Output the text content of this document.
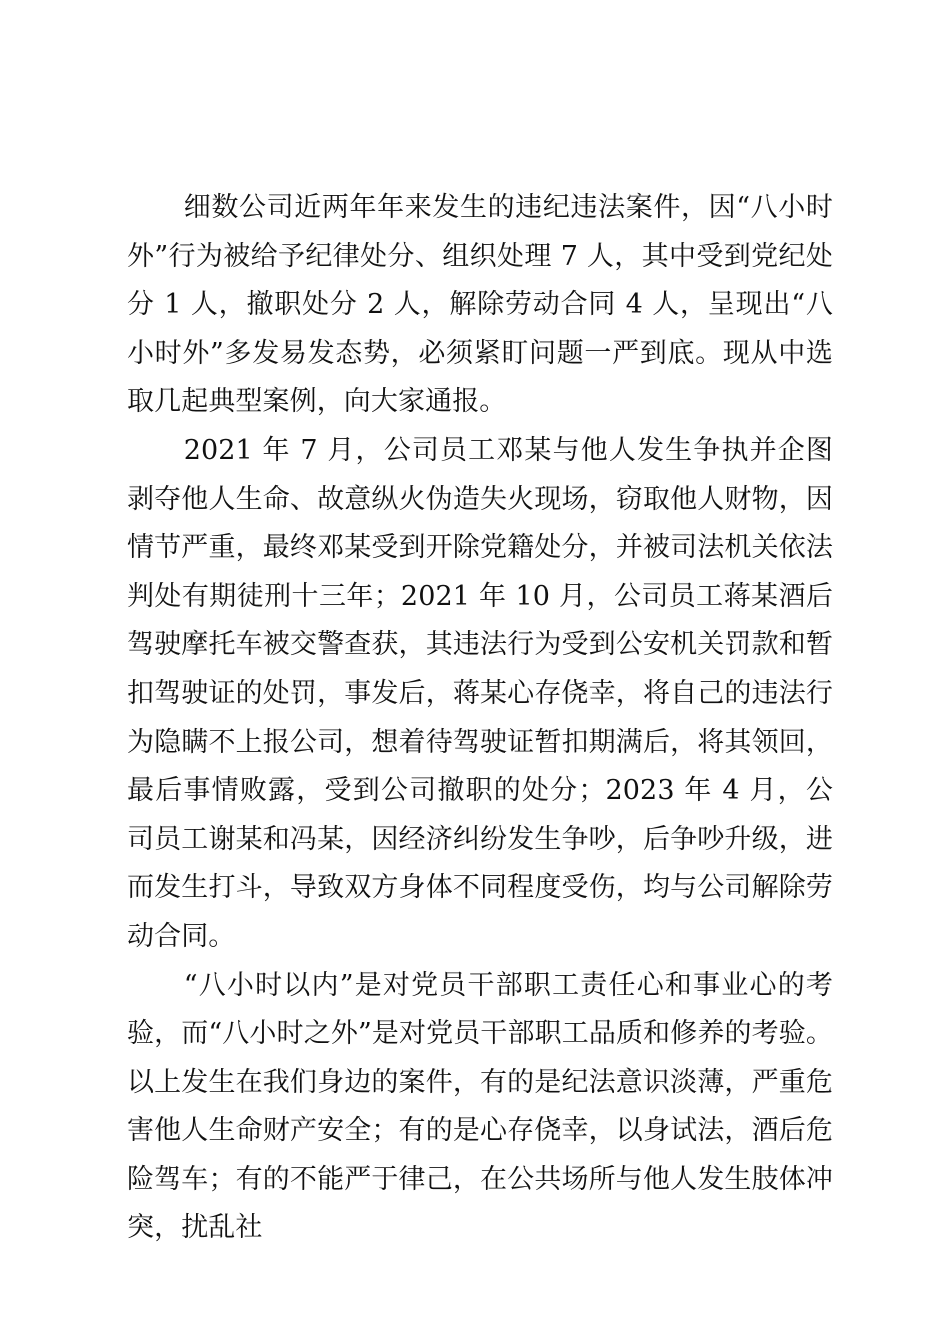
细数公司近两年年来发生的违纪违法案件，因“八小时外”行为被给予纪律处分、组织处理 7 人，其中受到党纪处分 1 人，撤职处分 2 人，解除劳动合同 4 人，呈现出“八小时外”多发易发态势，必须紧盯问题一严到底。现从中选取几起典型案例，向大家通报。

2021 年 7 月，公司员工邓某与他人发生争执并企图剥夺他人生命、故意纵火伪造失火现场，窃取他人财物，因情节严重，最终邓某受到开除党籍处分，并被司法机关依法判处有期徒刑十三年；2021 年 10 月，公司员工蒋某酒后驾驶摩托车被交警查获，其违法行为受到公安机关罚款和暂扣驾驶证的处罚，事发后，蒋某心存侥幸，将自己的违法行为隐瞒不上报公司，想着待驾驶证暂扣期满后，将其领回，最后事情败露，受到公司撤职的处分；2023 年 4 月，公司员工谢某和冯某，因经济纠纷发生争吵，后争吵升级，进而发生打斗，导致双方身体不同程度受伤，均与公司解除劳动合同。

“八小时以内”是对党员干部职工责任心和事业心的考验，而“八小时之外”是对党员干部职工品质和修养的考验。以上发生在我们身边的案件，有的是纪法意识淡薄，严重危害他人生命财产安全；有的是心存侥幸，以身试法，酒后危险驾车；有的不能严于律己，在公共场所与他人发生肢体冲突，扰乱社
